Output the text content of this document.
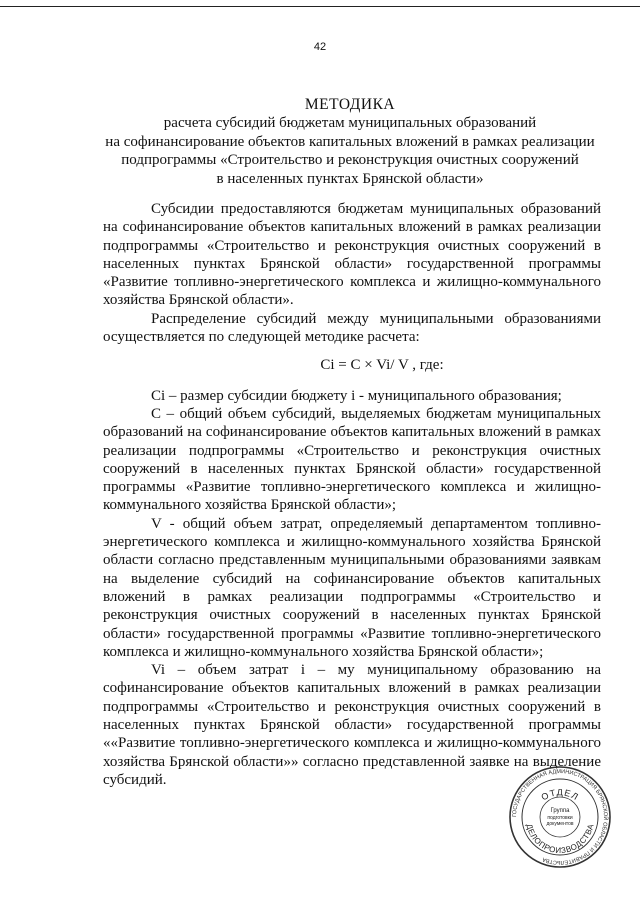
42
МЕТОДИКА
расчета субсидий бюджетам муниципальных образований
на софинансирование объектов капитальных вложений в рамках реализации
подпрограммы «Строительство и реконструкция очистных сооружений
в населенных пунктах Брянской области»

Субсидии предоставляются бюджетам муниципальных образований на софинансирование объектов капитальных вложений в рамках реализации подпрограммы «Строительство и реконструкция очистных сооружений в населенных пунктах Брянской области» государственной программы «Развитие топливно-энергетического комплекса и жилищно-коммунального хозяйства Брянской области».

Распределение субсидий между муниципальными образованиями осуществляется по следующей методике расчета:

Ci = C × Vi/ V , где:

Ci – размер субсидии бюджету i - муниципального образования;

C – общий объем субсидий, выделяемых бюджетам муниципальных образований на софинансирование объектов капитальных вложений в рамках реализации подпрограммы «Строительство и реконструкция очистных сооружений в населенных пунктах Брянской области» государственной программы «Развитие топливно-энергетического комплекса и жилищно-коммунального хозяйства Брянской области»;

V - общий объем затрат, определяемый департаментом топливно-энергетического комплекса и жилищно-коммунального хозяйства Брянской области согласно представленным муниципальными образованиями заявкам на выделение субсидий на софинансирование объектов капитальных вложений в рамках реализации подпрограммы «Строительство и реконструкция очистных сооружений в населенных пунктах Брянской области» государственной программы «Развитие топливно-энергетического комплекса и жилищно-коммунального хозяйства Брянской области»;

Vi – объем затрат i – му муниципальному образованию на софинансирование объектов капитальных вложений в рамках реализации подпрограммы «Строительство и реконструкция очистных сооружений в населенных пунктах Брянской области» государственной программы ««Развитие топливно-энергетического комплекса и жилищно-коммунального хозяйства Брянской области»» согласно представленной заявке на выделение субсидий.

ГОСУДАРСТВЕННАЯ АДМИНИСТРАЦИЯ БРЯНСКОЙ ОБЛАСТИ И ПРАВИТЕЛЬСТВА
ОТДЕЛ
ДЕЛОПРОИЗВОДСТВА
Группа
подготовки
документов
